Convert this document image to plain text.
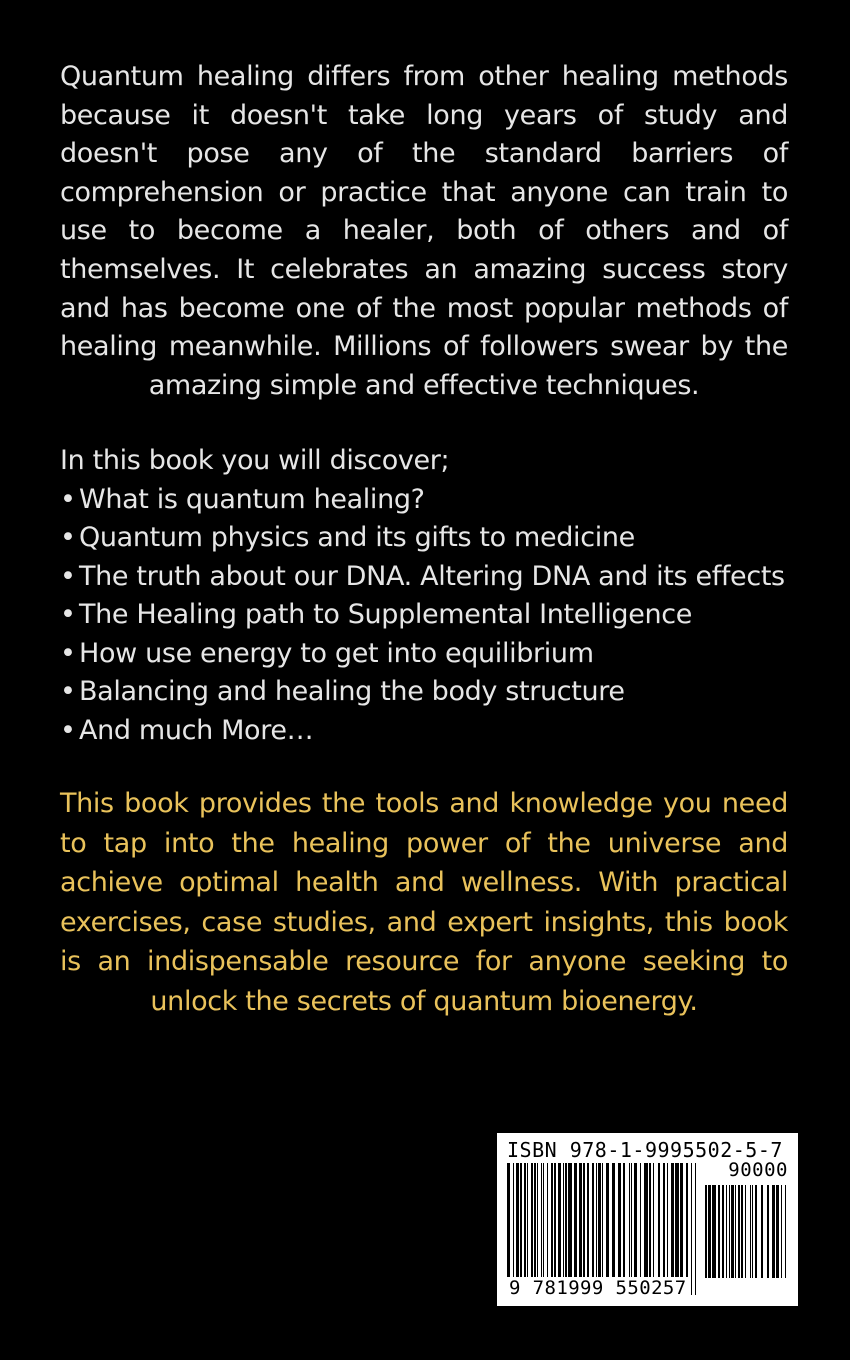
Quantum healing differs from other healing methods because it doesn't take long years of study and doesn't pose any of the standard barriers of comprehension or practice that anyone can train to use to become a healer, both of others and of themselves. It celebrates an amazing success story and has become one of the most popular methods of healing meanwhile. Millions of followers swear by the amazing simple and effective techniques.

In this book you will discover;

• What is quantum healing?
• Quantum physics and its gifts to medicine
• The truth about our DNA. Altering DNA and its effects
• The Healing path to Supplemental Intelligence
• How use energy to get into equilibrium
• Balancing and healing the body structure
• And much More…

This book provides the tools and knowledge you need to tap into the healing power of the universe and achieve optimal health and wellness. With practical exercises, case studies, and expert insights, this book is an indispensable resource for anyone seeking to unlock the secrets of quantum bioenergy.

ISBN 978-1-9995502-5-7
90000
9 781999 550257
